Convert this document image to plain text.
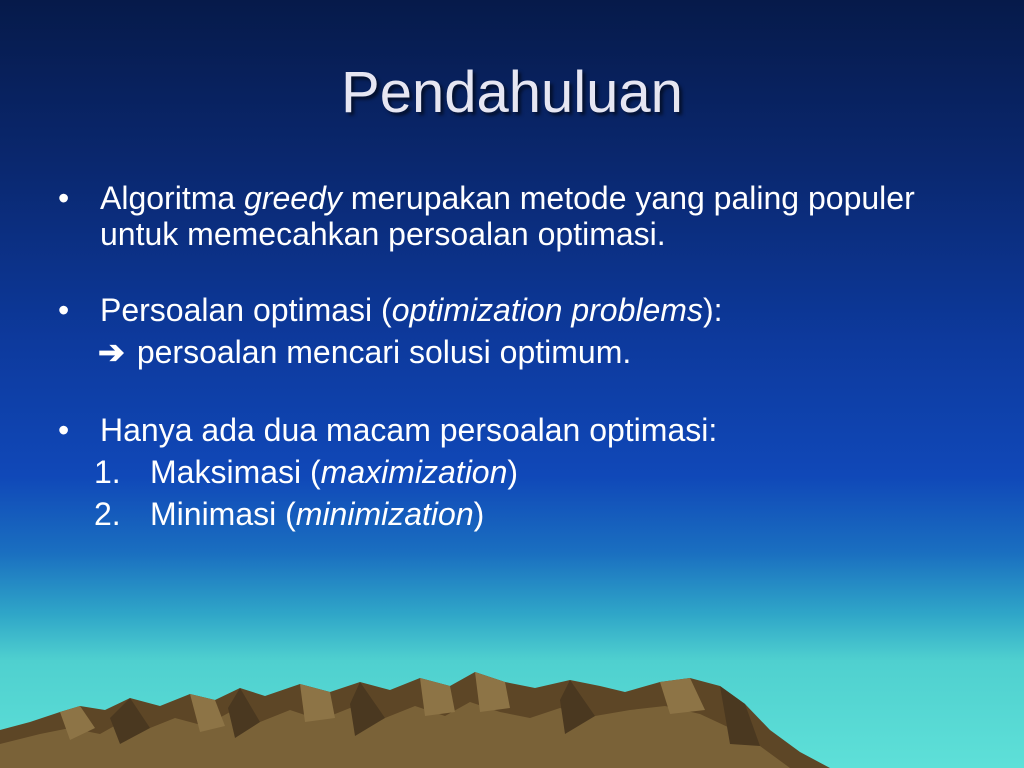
Pendahuluan
• Algoritma greedy merupakan metode yang paling populer untuk memecahkan persoalan optimasi.
• Persoalan optimasi (optimization problems):
➔ persoalan mencari solusi optimum.
• Hanya ada dua macam persoalan optimasi:
1. Maksimasi (maximization)
2. Minimasi (minimization)
